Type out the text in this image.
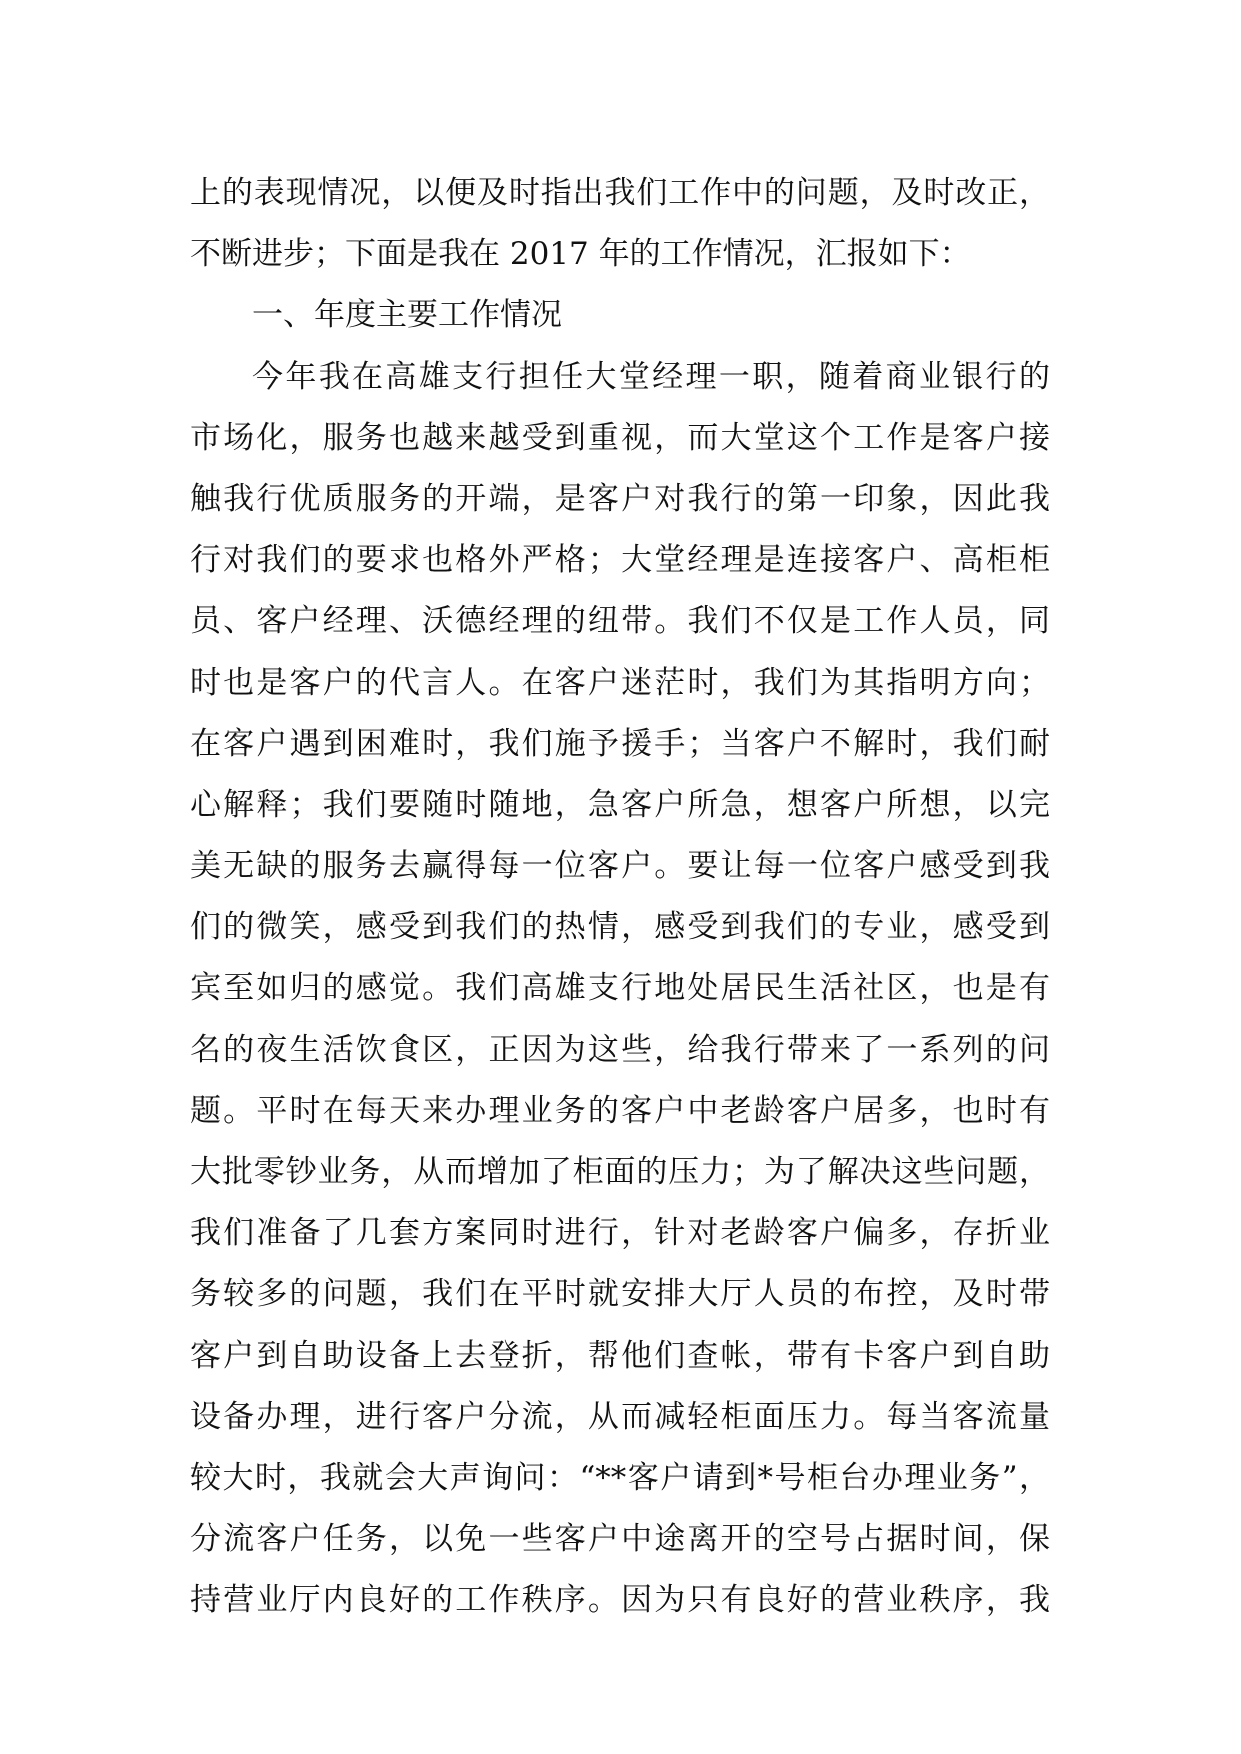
上的表现情况，以便及时指出我们工作中的问题，及时改正，
不断进步；下面是我在 2017 年的工作情况，汇报如下：
一、年度主要工作情况
今年我在高雄支行担任大堂经理一职，随着商业银行的
市场化，服务也越来越受到重视，而大堂这个工作是客户接
触我行优质服务的开端，是客户对我行的第一印象，因此我
行对我们的要求也格外严格；大堂经理是连接客户、高柜柜
员、客户经理、沃德经理的纽带。我们不仅是工作人员，同
时也是客户的代言人。在客户迷茫时，我们为其指明方向；
在客户遇到困难时，我们施予援手；当客户不解时，我们耐
心解释；我们要随时随地，急客户所急，想客户所想，以完
美无缺的服务去赢得每一位客户。要让每一位客户感受到我
们的微笑，感受到我们的热情，感受到我们的专业，感受到
宾至如归的感觉。我们高雄支行地处居民生活社区，也是有
名的夜生活饮食区，正因为这些，给我行带来了一系列的问
题。平时在每天来办理业务的客户中老龄客户居多，也时有
大批零钞业务，从而增加了柜面的压力；为了解决这些问题，
我们准备了几套方案同时进行，针对老龄客户偏多，存折业
务较多的问题，我们在平时就安排大厅人员的布控，及时带
客户到自助设备上去登折，帮他们查帐，带有卡客户到自助
设备办理，进行客户分流，从而减轻柜面压力。每当客流量
较大时，我就会大声询问：“**客户请到*号柜台办理业务”，
分流客户任务，以免一些客户中途离开的空号占据时间，保
持营业厅内良好的工作秩序。因为只有良好的营业秩序，我
